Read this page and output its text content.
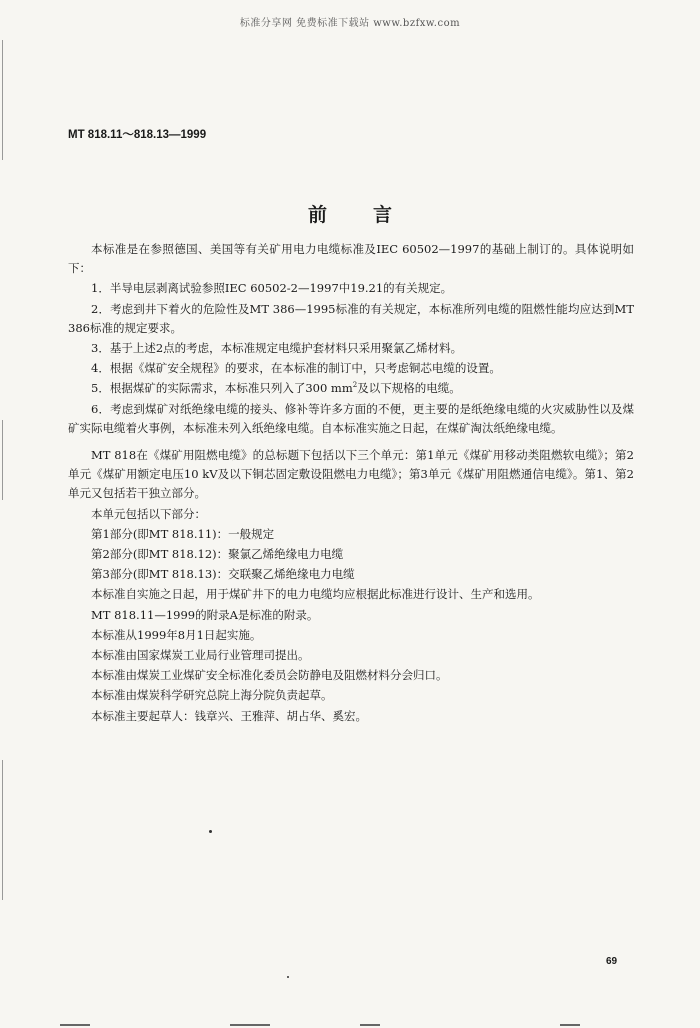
标准分享网 免费标准下载站 www.bzfxw.com
MT 818.11～818.13—1999
前言

本标准是在参照德国、美国等有关矿用电力电缆标准及IEC 60502—1997的基础上制订的。具体说明如下：

1．半导电层剥离试验参照IEC 60502-2—1997中19.21的有关规定。

2．考虑到井下着火的危险性及MT 386—1995标准的有关规定，本标准所列电缆的阻燃性能均应达到MT 386标准的规定要求。

3．基于上述2点的考虑，本标准规定电缆护套材料只采用聚氯乙烯材料。

4．根据《煤矿安全规程》的要求，在本标准的制订中，只考虑铜芯电缆的设置。

5．根据煤矿的实际需求，本标准只列入了300 $mm^2$及以下规格的电缆。

6．考虑到煤矿对纸绝缘电缆的接头、修补等许多方面的不便，更主要的是纸绝缘电缆的火灾威胁性以及煤矿实际电缆着火事例，本标准未列入纸绝缘电缆。自本标准实施之日起，在煤矿淘汰纸绝缘电缆。

MT 818在《煤矿用阻燃电缆》的总标题下包括以下三个单元：第1单元《煤矿用移动类阻燃软电缆》；第2单元《煤矿用额定电压10 kV及以下铜芯固定敷设阻燃电力电缆》；第3单元《煤矿用阻燃通信电缆》。第1、第2单元又包括若干独立部分。

本单元包括以下部分：

第1部分(即MT 818.11)：一般规定

第2部分(即MT 818.12)：聚氯乙烯绝缘电力电缆

第3部分(即MT 818.13)：交联聚乙烯绝缘电力电缆

本标准自实施之日起，用于煤矿井下的电力电缆均应根据此标准进行设计、生产和选用。

MT 818.11—1999的附录A是标准的附录。

本标准从1999年8月1日起实施。

本标准由国家煤炭工业局行业管理司提出。

本标准由煤炭工业煤矿安全标准化委员会防静电及阻燃材料分会归口。

本标准由煤炭科学研究总院上海分院负责起草。

本标准主要起草人：钱章兴、王雅萍、胡占华、奚宏。

69
